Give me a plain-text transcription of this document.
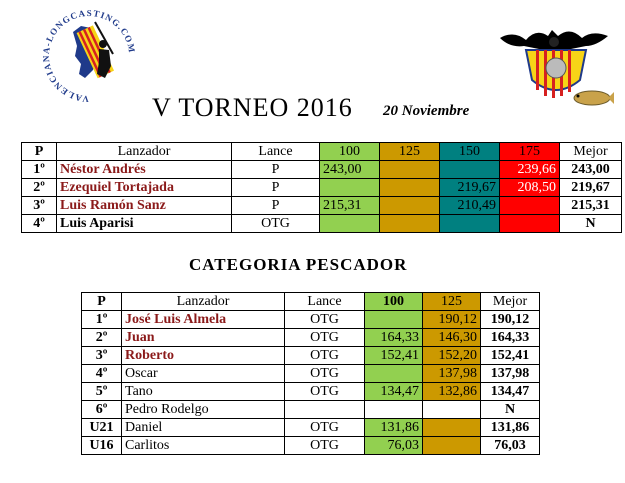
VALENCIANA-LONGCASTING.COM
V TORNEO 2016 20 Noviembre
P	Lanzador	Lance	100	125	150	175	Mejor
1º	Néstor Andrés	P	243,00			239,66	243,00
2º	Ezequiel Tortajada	P			219,67	208,50	219,67
3º	Luis Ramón Sanz	P	215,31		210,49		215,31
4º	Luis Aparisi	OTG					N
CATEGORIA PESCADOR
P	Lanzador	Lance	100	125	Mejor
1º	José Luis Almela	OTG		190,12	190,12
2º	Juan	OTG	164,33	146,30	164,33
3º	Roberto	OTG	152,41	152,20	152,41
4º	Oscar	OTG		137,98	137,98
5º	Tano	OTG	134,47	132,86	134,47
6º	Pedro Rodelgo				N
U21	Daniel	OTG	131,86		131,86
U16	Carlitos	OTG	76,03		76,03
